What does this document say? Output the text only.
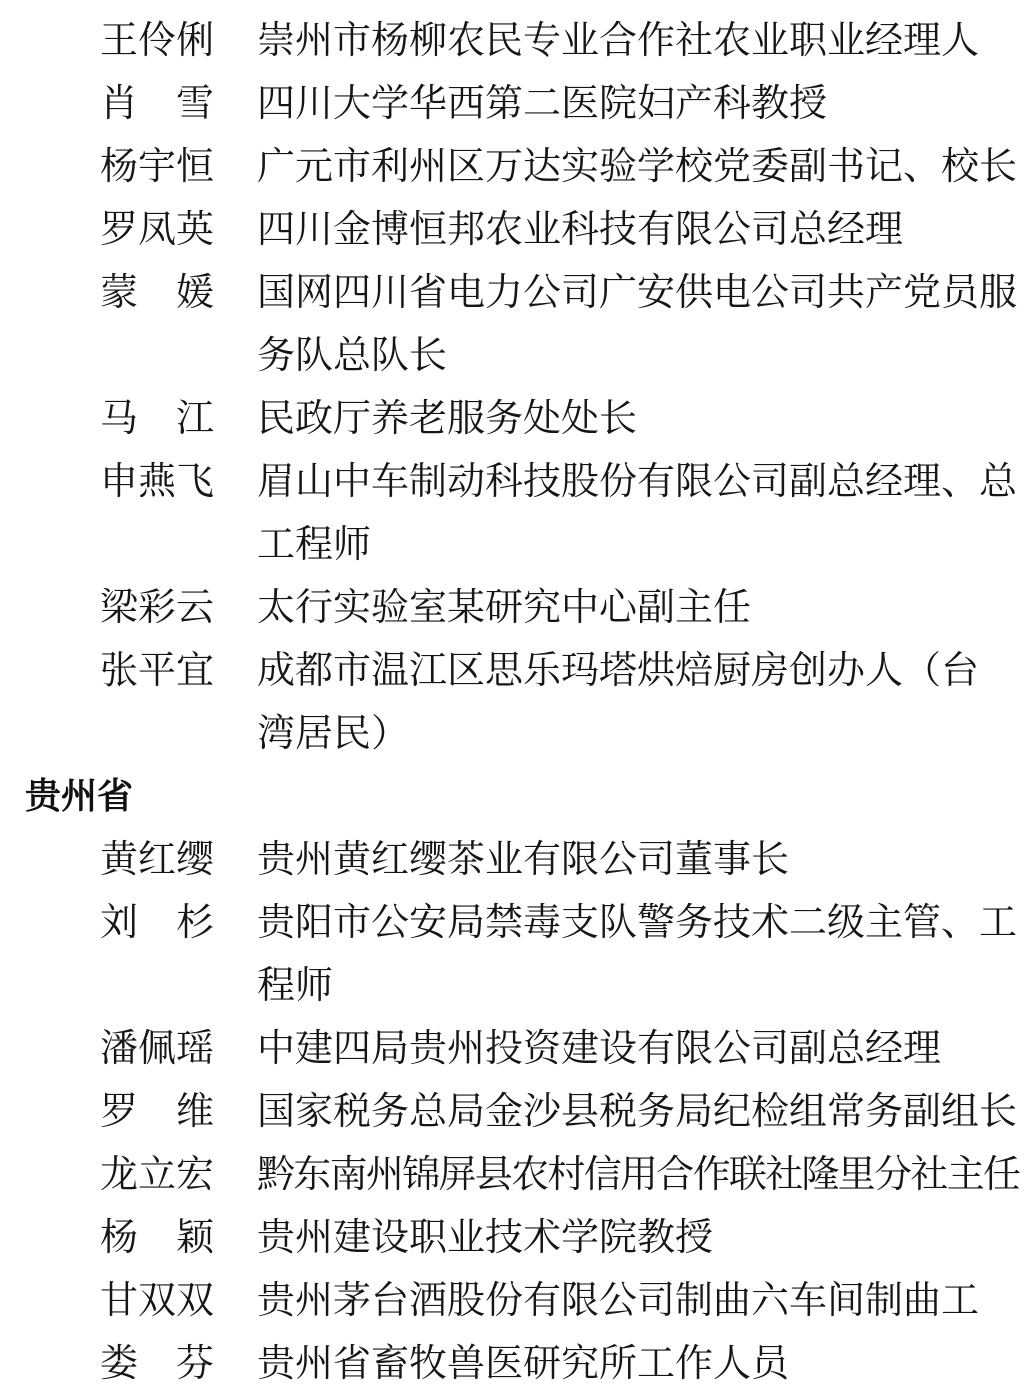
王 伶 俐 崇州市杨柳农民专业合作社农业职业经理人
肖 雪 四川大学华西第二医院妇产科教授
杨 宇 恒 广元市利州区万达实验学校党委副书记、校长
罗 凤 英 四川金博恒邦农业科技有限公司总经理
蒙 媛 国网四川省电力公司广安供电公司共产党员服
务队总队长
马 江 民政厅养老服务处处长
申 燕 飞 眉山中车制动科技股份有限公司副总经理、总
工程师
梁 彩 云 太行实验室某研究中心副主任
张 平 宜 成都市温江区思乐玛塔烘焙厨房创办人（台
湾居民）
贵州省
黄 红 缨 贵州黄红缨茶业有限公司董事长
刘 杉 贵阳市公安局禁毒支队警务技术二级主管、工
程师
潘 佩 瑶 中建四局贵州投资建设有限公司副总经理
罗 维 国家税务总局金沙县税务局纪检组常务副组长
龙 立 宏 黔东南州锦屏县农村信用合作联社隆里分社主任
杨 颖 贵州建设职业技术学院教授
甘 双 双 贵州茅台酒股份有限公司制曲六车间制曲工
娄 芬 贵州省畜牧兽医研究所工作人员
